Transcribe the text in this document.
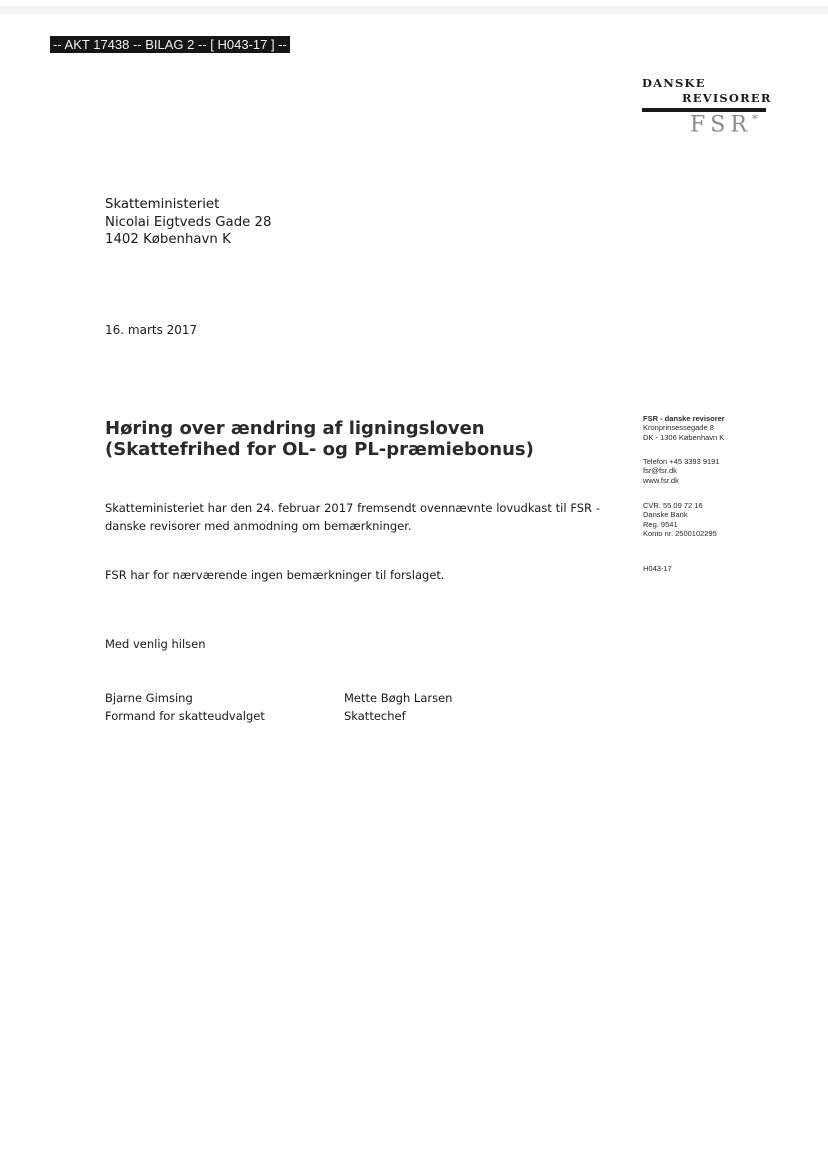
-- AKT 17438 -- BILAG 2 -- [ H043-17 ] --
DANSKE
REVISORER
FSR*
Skatteministeriet
Nicolai Eigtveds Gade 28
1402 København K
16. marts 2017
Høring over ændring af ligningsloven (Skattefrihed for OL- og PL-præmiebonus)
Skatteministeriet har den 24. februar 2017 fremsendt ovennævnte lovudkast til FSR - danske revisorer med anmodning om bemærkninger.
FSR har for nærværende ingen bemærkninger til forslaget.
Med venlig hilsen
Bjarne Gimsing
Formand for skatteudvalget
Mette Bøgh Larsen
Skattechef
FSR - danske revisorer
Kronprinsessegade 8
DK - 1306 København K
Telefon +45 3393 9191
fsr@fsr.dk
www.fsr.dk
CVR. 55 09 72 16
Danske Bank
Reg. 9541
Konto nr. 2500102295
H043-17
